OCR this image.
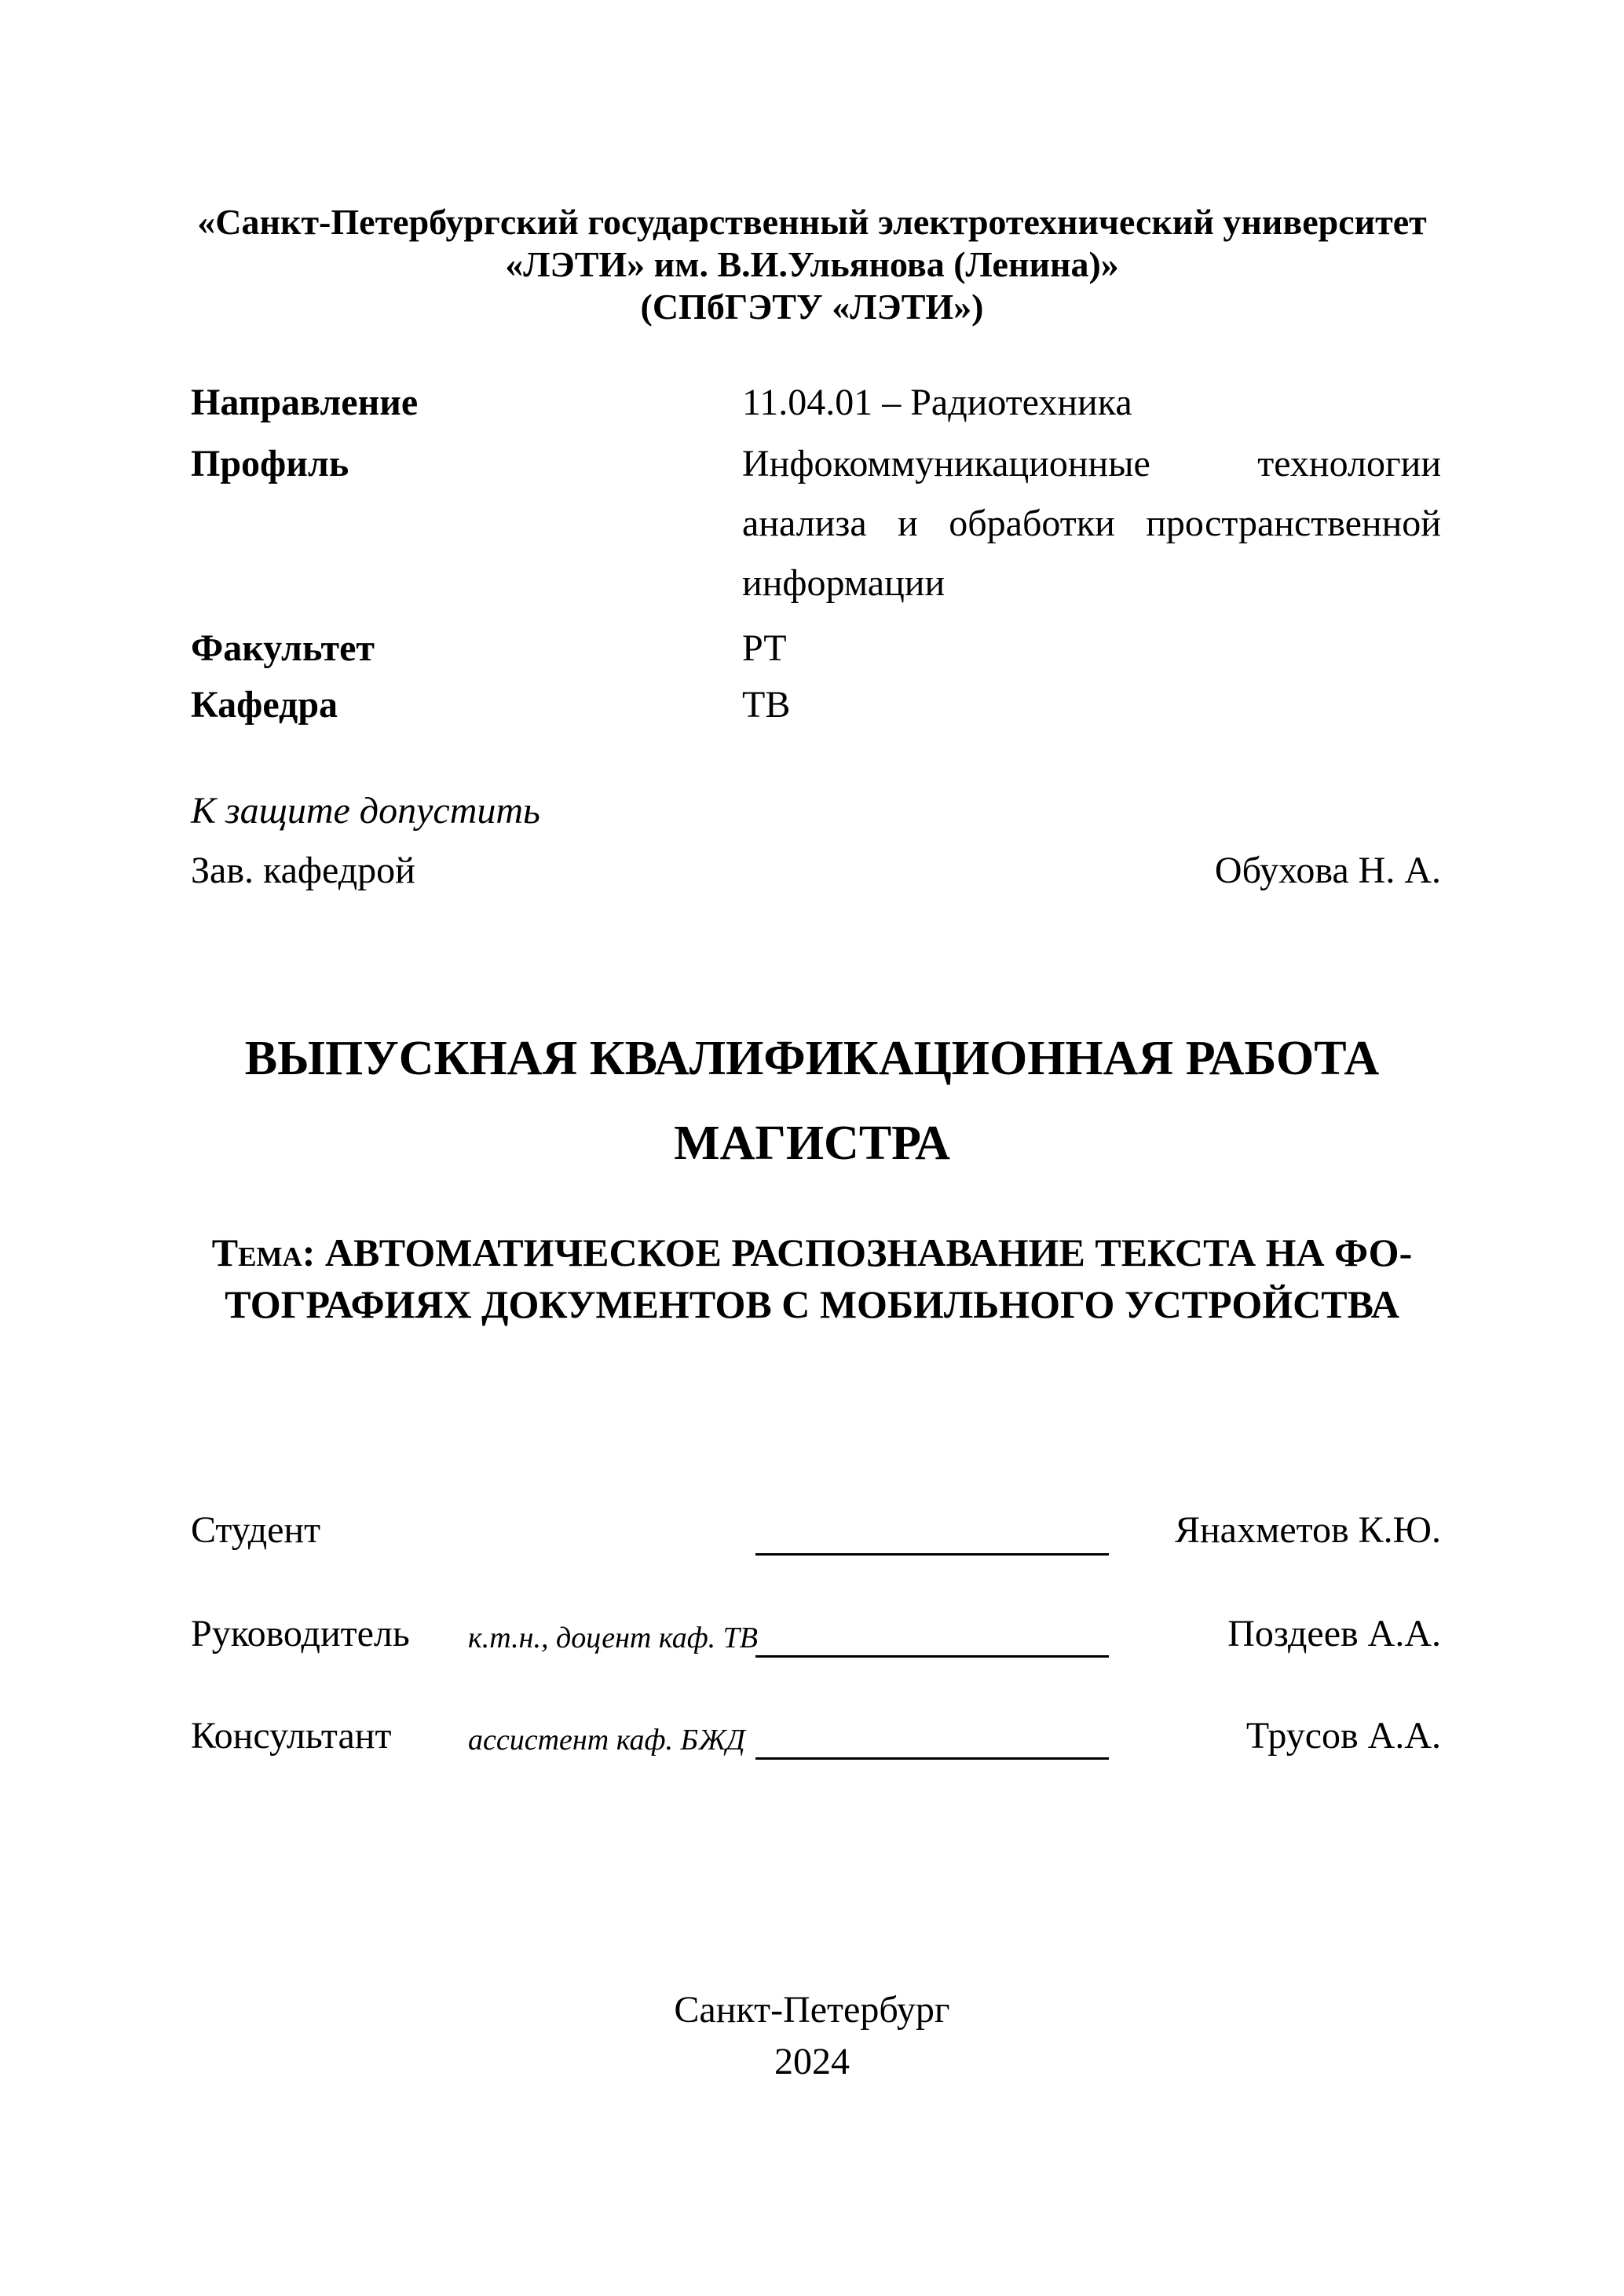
«Санкт-Петербургский государственный электротехнический университет
«ЛЭТИ» им. В.И.Ульянова (Ленина)»
(СПбГЭТУ «ЛЭТИ»)
Направление	11.04.01 – Радиотехника
Профиль	Инфокоммуникационные технологии
анализа и обработки пространственной
информации
Факультет	РТ
Кафедра	ТВ
К защите допустить
Зав. кафедрой	Обухова Н. А.
ВЫПУСКНАЯ КВАЛИФИКАЦИОННАЯ РАБОТА
МАГИСТРА
Тема: АВТОМАТИЧЕСКОЕ РАСПОЗНАВАНИЕ ТЕКСТА НА ФО-
ТОГРАФИЯХ ДОКУМЕНТОВ С МОБИЛЬНОГО УСТРОЙСТВА
Студент	Янахметов К.Ю.
Руководитель к.т.н., доцент каф. ТВ	Поздеев А.А.
Консультант	ассистент каф. БЖД	Трусов А.А.
Санкт-Петербург
2024
